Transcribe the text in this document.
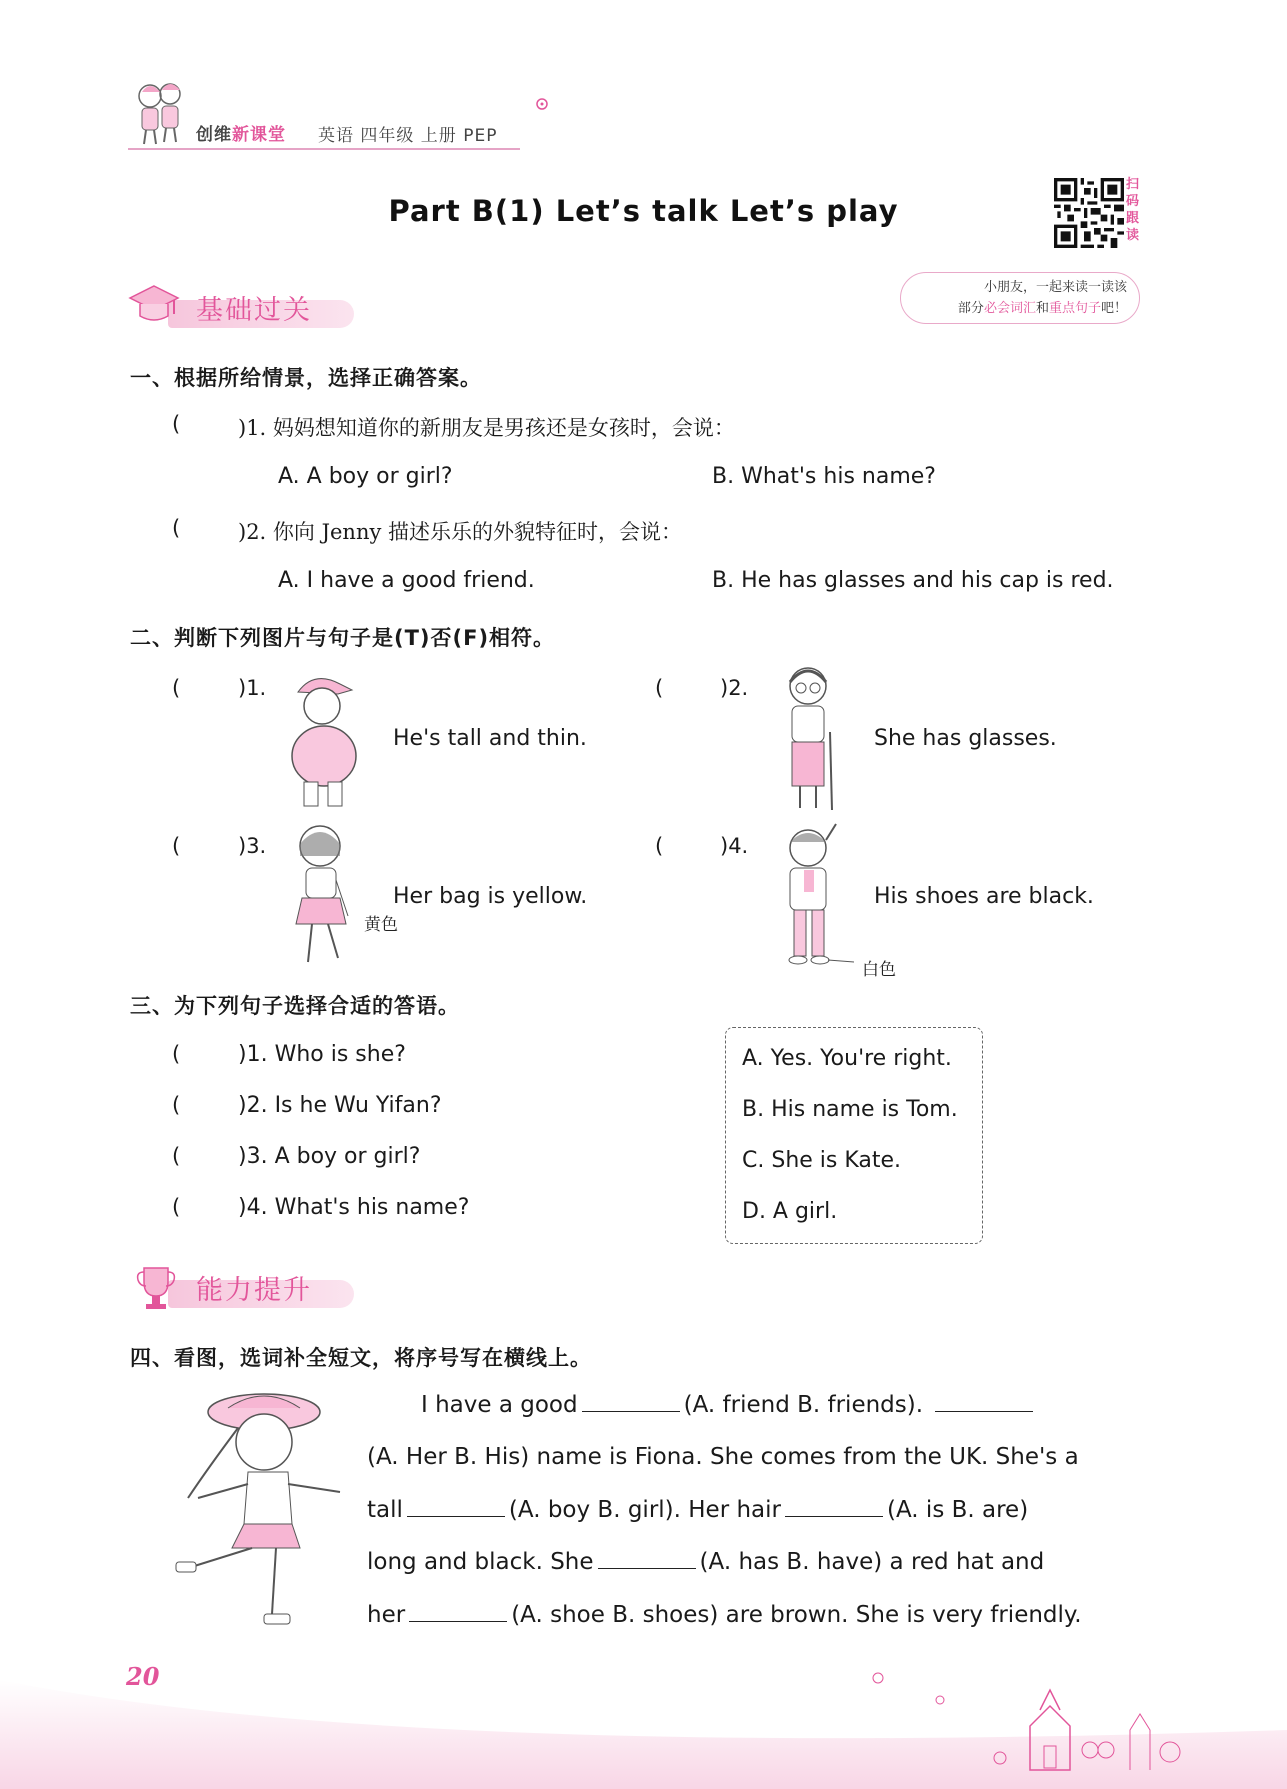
创维新课堂 英语 四年级 上册 PEP
Part B(1) Let’s talk Let’s play
扫
码
跟
读
小朋友，一起来读一读该
部分必会词汇和重点句子吧！
基础过关
一、根据所给情景，选择正确答案。
(	)1. 妈妈想知道你的新朋友是男孩还是女孩时，会说：
A. A boy or girl?	B. What's his name?
(	)2. 你向 Jenny 描述乐乐的外貌特征时，会说：
A. I have a good friend.	B. He has glasses and his cap is red.
二、判断下列图片与句子是(T)否(F)相符。
(	)1.
He's tall and thin.
(	)2.
She has glasses.
(	)3.
Her bag is yellow.
黄色
(	)4.
His shoes are black.
白色
三、为下列句子选择合适的答语。
(	)1. Who is she?
(	)2. Is he Wu Yifan?
(	)3. A boy or girl?
(	)4. What's his name?
A. Yes. You're right.
B. His name is Tom.
C. She is Kate.
D. A girl.
能力提升
四、看图，选词补全短文，将序号写在横线上。
I have a good	(A. friend B. friends).
(A. Her B. His) name is Fiona. She comes from the UK. She's a
tall	(A. boy B. girl). Her hair	(A. is B. are)
long and black. She	(A. has B. have) a red hat and
her	(A. shoe B. shoes) are brown. She is very friendly.
20
